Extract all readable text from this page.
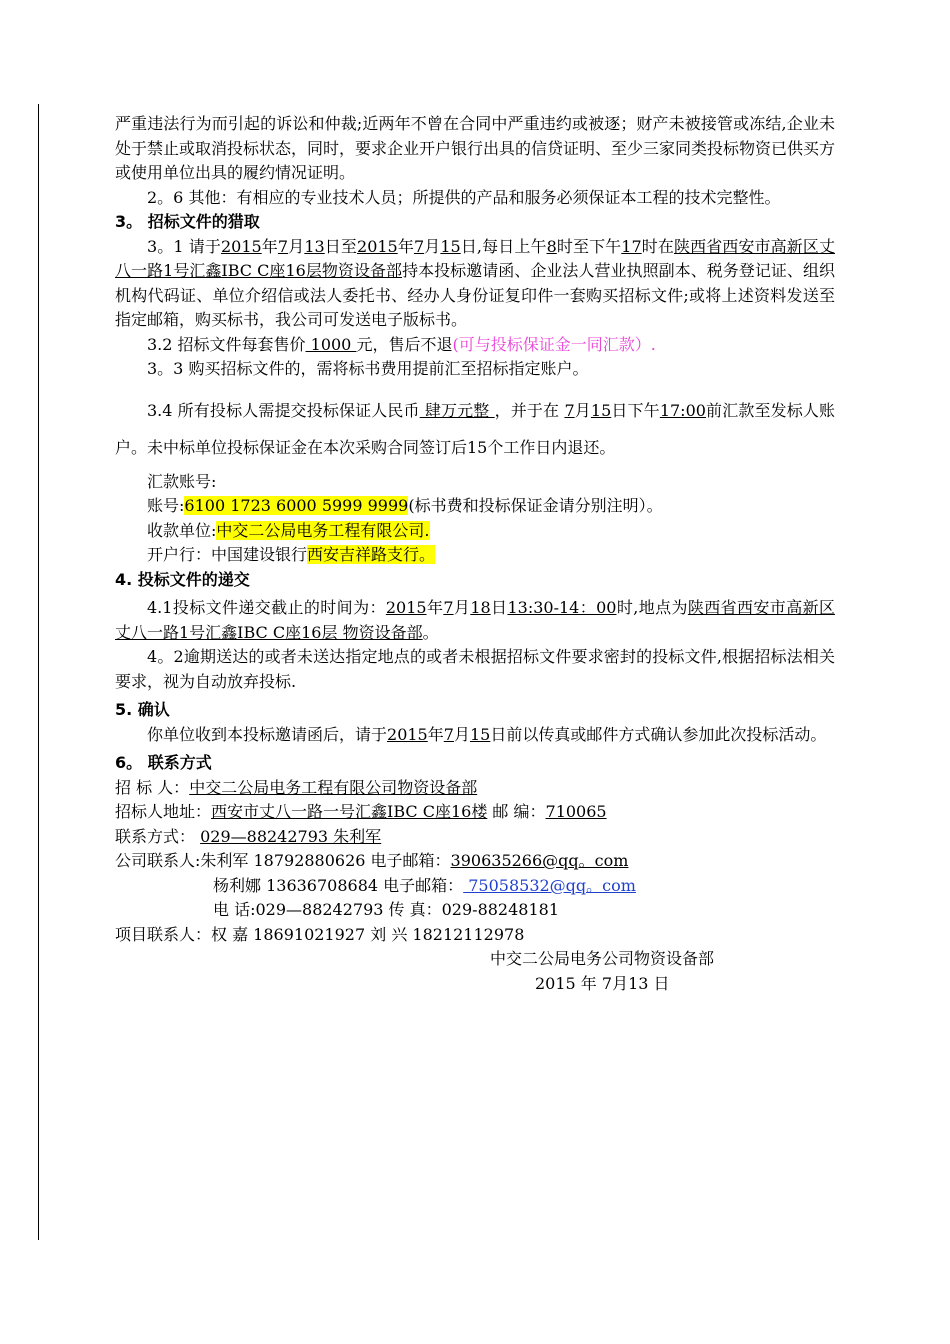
严重违法行为而引起的诉讼和仲裁;近两年不曾在合同中严重违约或被逐；财产未被接管或冻结,企业未处于禁止或取消投标状态，同时，要求企业开户银行出具的信贷证明、至少三家同类投标物资已供买方或使用单位出具的履约情况证明。

2。6 其他：有相应的专业技术人员；所提供的产品和服务必须保证本工程的技术完整性。

3。 招标文件的猎取

3。1 请于2015年7月13日至2015年7月15日,每日上午8时至下午17时在陕西省西安市高新区丈八一路1号汇鑫IBC C座16层物资设备部持本投标邀请函、企业法人营业执照副本、税务登记证、组织机构代码证、单位介绍信或法人委托书、经办人身份证复印件一套购买招标文件;或将上述资料发送至指定邮箱，购买标书，我公司可发送电子版标书。

3.2 招标文件每套售价 1000 元，售后不退(可与投标保证金一同汇款）.

3。3 购买招标文件的，需将标书费用提前汇至招标指定账户。

3.4 所有投标人需提交投标保证人民币 肆万元整 ，并于在 7月15日下午17:00前汇款至发标人账户。未中标单位投标保证金在本次采购合同签订后15个工作日内退还。

汇款账号:

账号:6100 1723 6000 5999 9999(标书费和投标保证金请分别注明）。

收款单位:中交二公局电务工程有限公司.

开户行：中国建设银行西安吉祥路支行。

4. 投标文件的递交

4.1投标文件递交截止的时间为：2015年7月18日13:30-14：00时,地点为陕西省西安市高新区丈八一路1号汇鑫IBC C座16层 物资设备部。

4。2逾期送达的或者未送达指定地点的或者未根据招标文件要求密封的投标文件,根据招标法相关要求，视为自动放弃投标.

5. 确认

你单位收到本投标邀请函后，请于2015年7月15日前以传真或邮件方式确认参加此次投标活动。

6。 联系方式

招 标 人：中交二公局电务工程有限公司物资设备部

招标人地址：西安市丈八一路一号汇鑫IBC C座16楼 邮 编：710065

联系方式： 029—88242793 朱利军

公司联系人:朱利军 18792880626 电子邮箱：390635266@qq。com

杨利娜 13636708684 电子邮箱： 75058532@qq。com

电 话:029—88242793 传 真：029-88248181

项目联系人：权 嘉 18691021927 刘 兴 18212112978

中交二公局电务公司物资设备部

2015 年 7月13 日
